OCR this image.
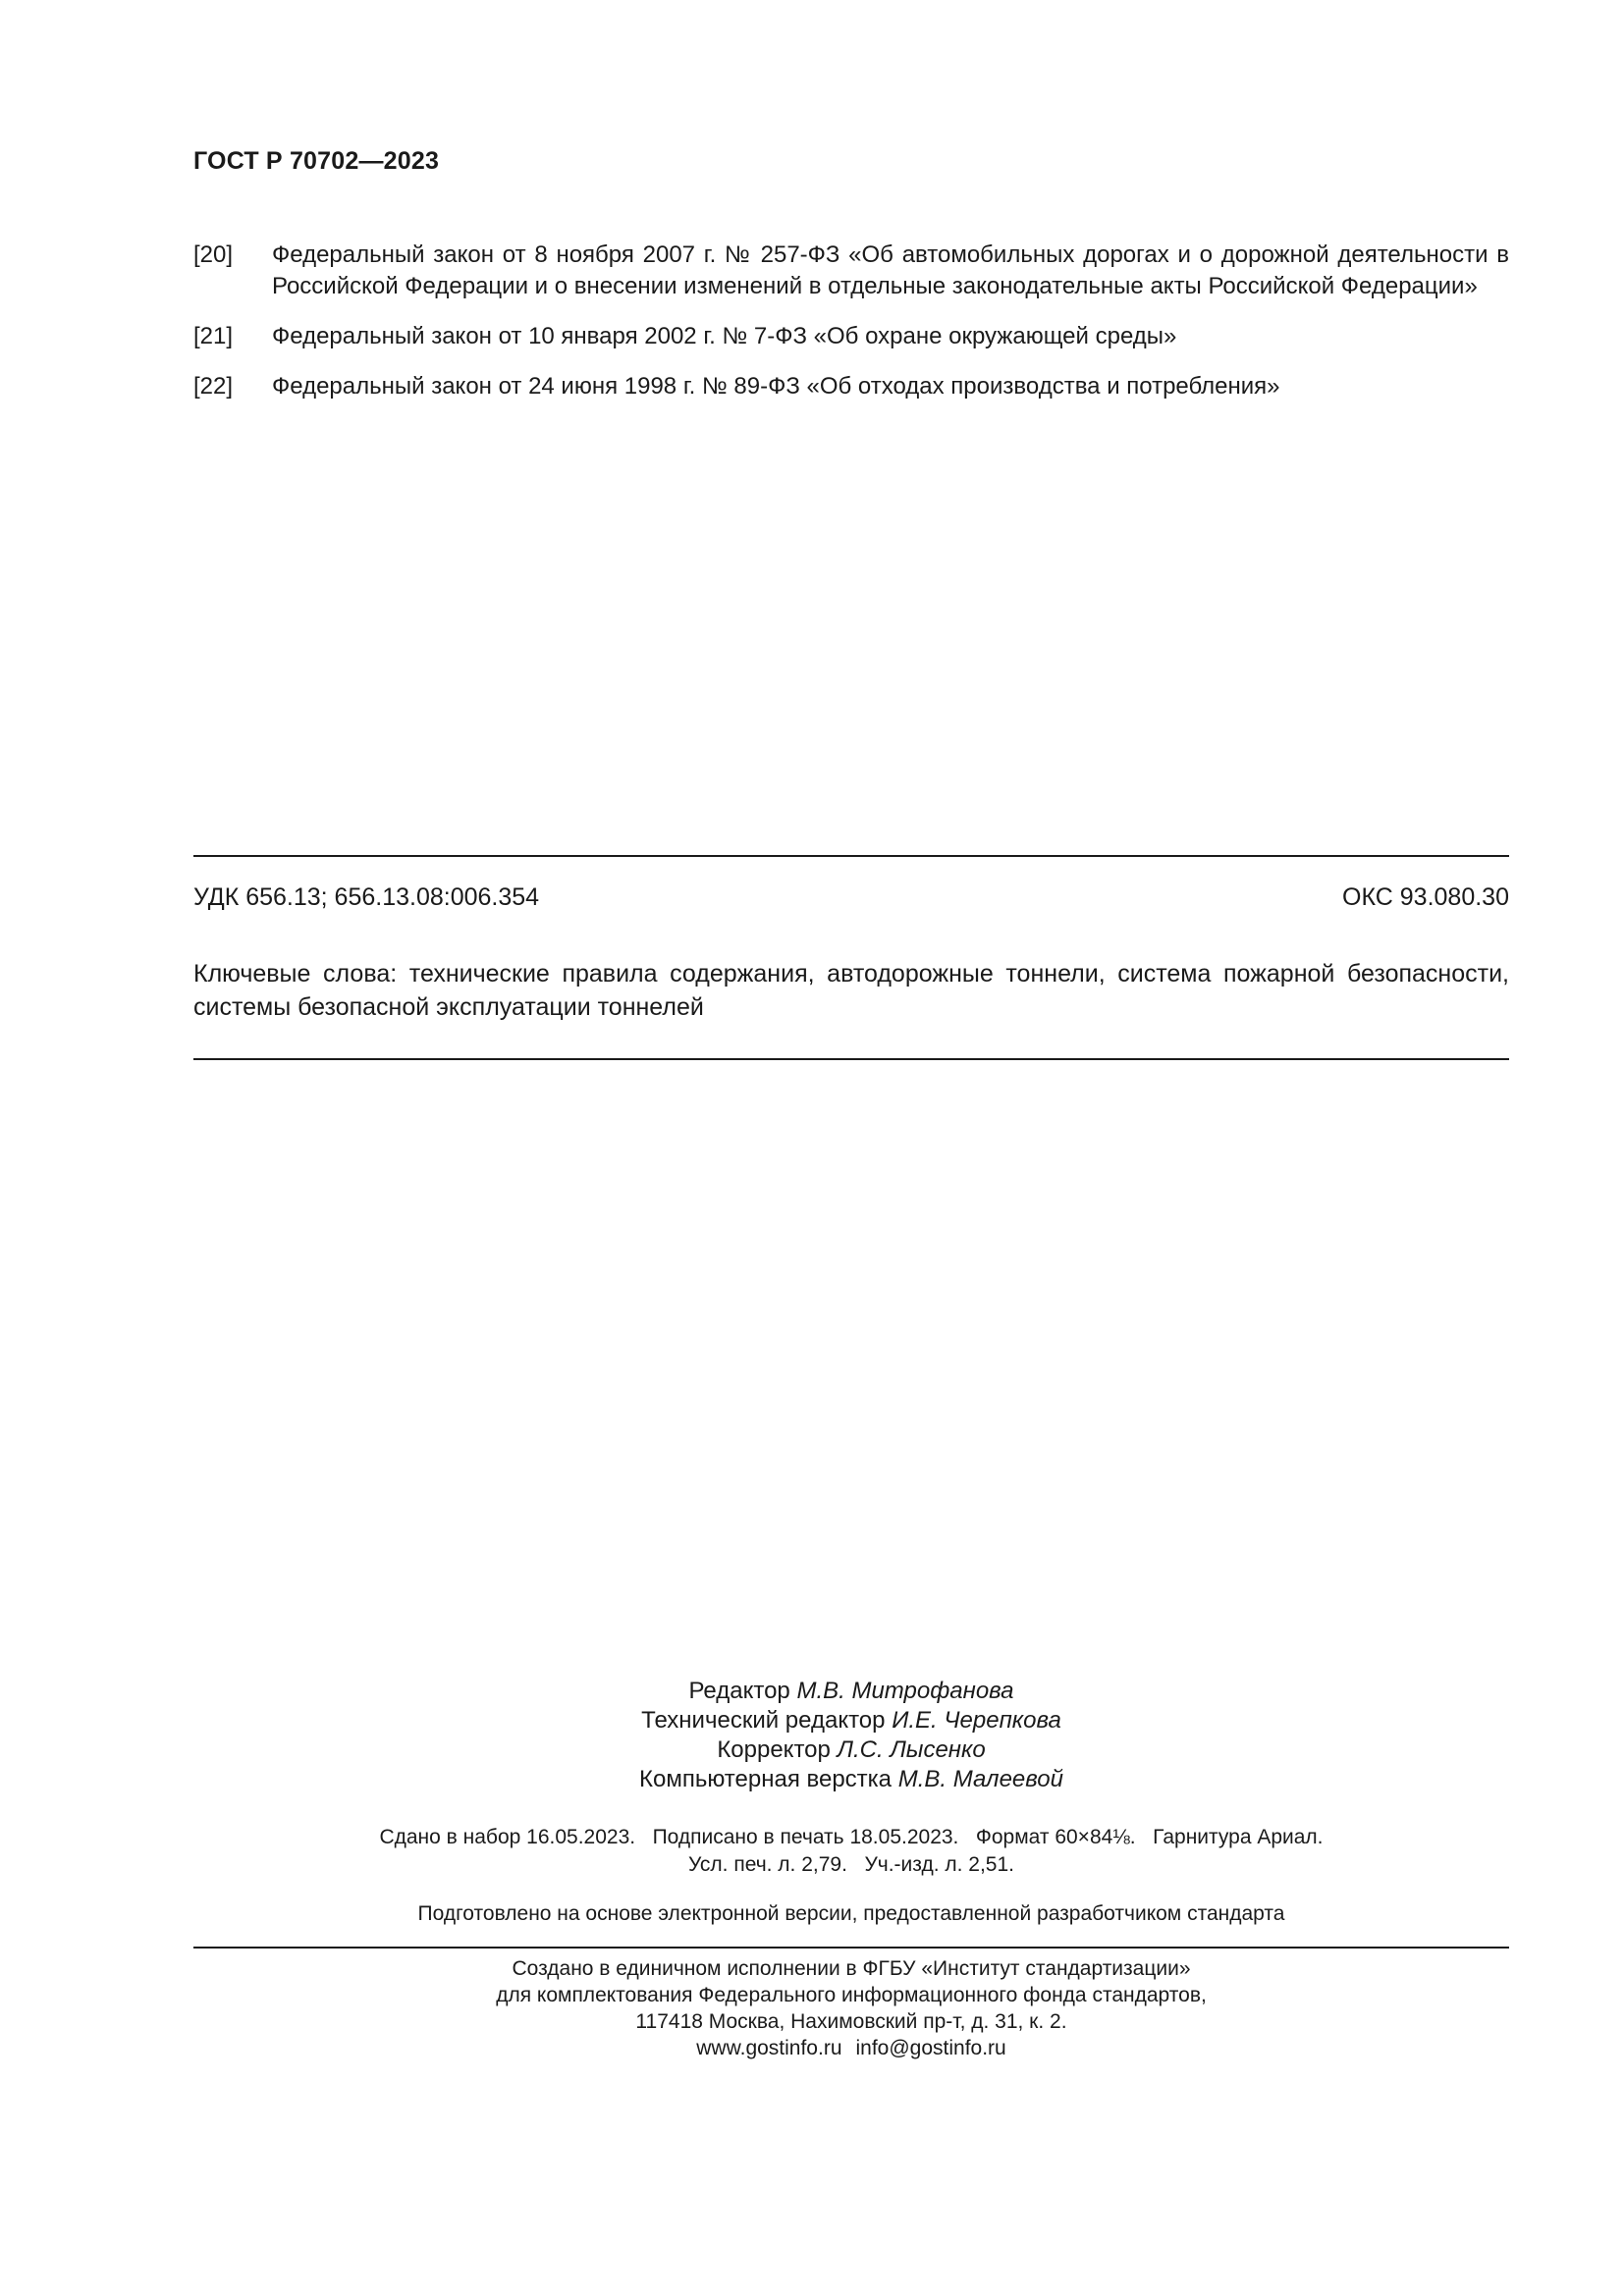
ГОСТ Р 70702—2023
[20]	Федеральный закон от 8 ноября 2007 г. № 257-ФЗ «Об автомобильных дорогах и о дорожной деятельности в Российской Федерации и о внесении изменений в отдельные законодательные акты Российской Федерации»
[21]	Федеральный закон от 10 января 2002 г. № 7-ФЗ «Об охране окружающей среды»
[22]	Федеральный закон от 24 июня 1998 г. № 89-ФЗ «Об отходах производства и потребления»
УДК 656.13; 656.13.08:006.354	ОКС 93.080.30
Ключевые слова: технические правила содержания, автодорожные тоннели, система пожарной безопасности, системы безопасной эксплуатации тоннелей
Редактор М.В. Митрофанова
Технический редактор И.Е. Черепкова
Корректор Л.С. Лысенко
Компьютерная верстка М.В. Малеевой
Сдано в набор 16.05.2023.   Подписано в печать 18.05.2023.   Формат 60×84⅛.   Гарнитура Ариал.
Усл. печ. л. 2,79.   Уч.-изд. л. 2,51.
Подготовлено на основе электронной версии, предоставленной разработчиком стандарта
Создано в единичном исполнении в ФГБУ «Институт стандартизации»
для комплектования Федерального информационного фонда стандартов,
117418 Москва, Нахимовский пр-т, д. 31, к. 2.
www.gostinfo.ru info@gostinfo.ru
